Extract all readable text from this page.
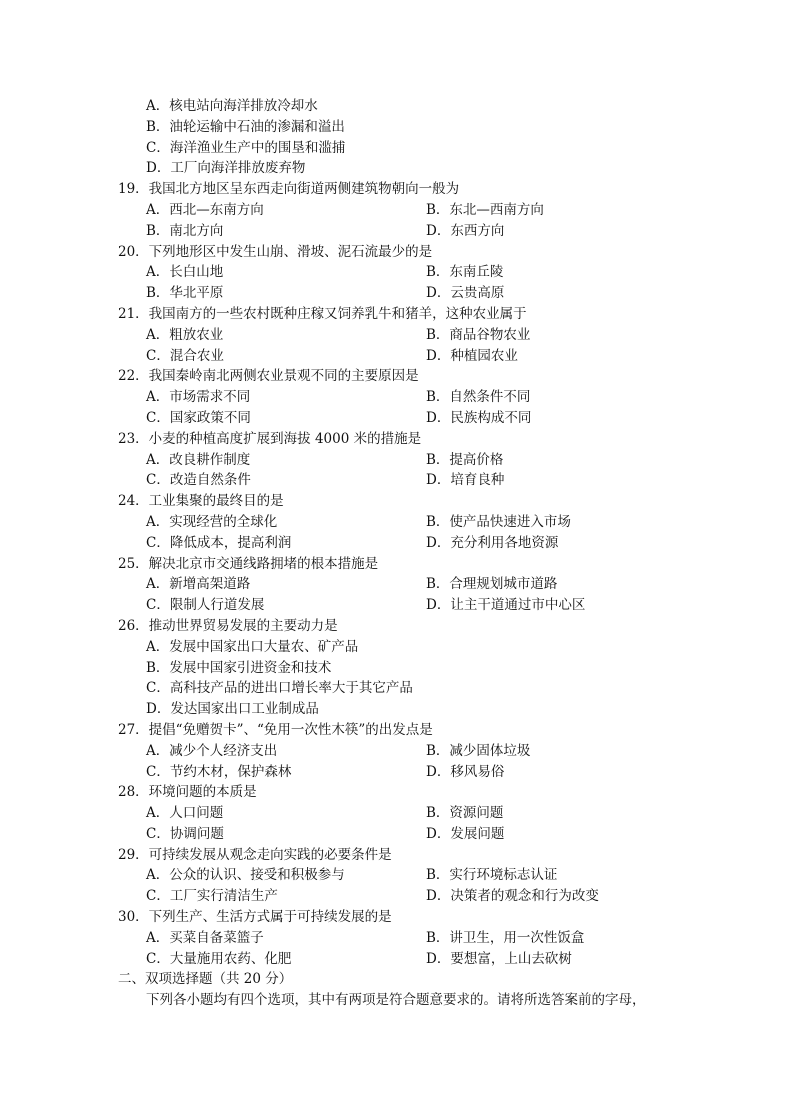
A．核电站向海洋排放冷却水
B．油轮运输中石油的渗漏和溢出
C．海洋渔业生产中的围垦和滥捕
D．工厂向海洋排放废弃物
19．我国北方地区呈东西走向街道两侧建筑物朝向一般为
A．西北—东南方向	B．东北—西南方向
B．南北方向	D．东西方向
20．下列地形区中发生山崩、滑坡、泥石流最少的是
A．长白山地	B．东南丘陵
B．华北平原	D．云贵高原
21．我国南方的一些农村既种庄稼又饲养乳牛和猪羊，这种农业属于
A．粗放农业	B．商品谷物农业
C．混合农业	D．种植园农业
22．我国秦岭南北两侧农业景观不同的主要原因是
A．市场需求不同	B．自然条件不同
C．国家政策不同	D．民族构成不同
23．小麦的种植高度扩展到海拔 4000 米的措施是
A．改良耕作制度	B．提高价格
C．改造自然条件	D．培育良种
24．工业集聚的最终目的是
A．实现经营的全球化	B．使产品快速进入市场
C．降低成本，提高利润	D．充分利用各地资源
25．解决北京市交通线路拥堵的根本措施是
A．新增高架道路	B．合理规划城市道路
C．限制人行道发展	D．让主干道通过市中心区
26．推动世界贸易发展的主要动力是
A．发展中国家出口大量农、矿产品
B．发展中国家引进资金和技术
C．高科技产品的进出口增长率大于其它产品
D．发达国家出口工业制成品
27．提倡“免赠贺卡”、“免用一次性木筷”的出发点是
A．减少个人经济支出	B．减少固体垃圾
C．节约木材，保护森林	D．移风易俗
28．环境问题的本质是
A．人口问题	B．资源问题
C．协调问题	D．发展问题
29．可持续发展从观念走向实践的必要条件是
A．公众的认识、接受和积极参与	B．实行环境标志认证
C．工厂实行清洁生产	D．决策者的观念和行为改变
30．下列生产、生活方式属于可持续发展的是
A．买菜自备菜篮子	B．讲卫生，用一次性饭盒
C．大量施用农药、化肥	D．要想富，上山去砍树
二、双项选择题（共 20 分）
下列各小题均有四个选项，其中有两项是符合题意要求的。请将所选答案前的字母，
